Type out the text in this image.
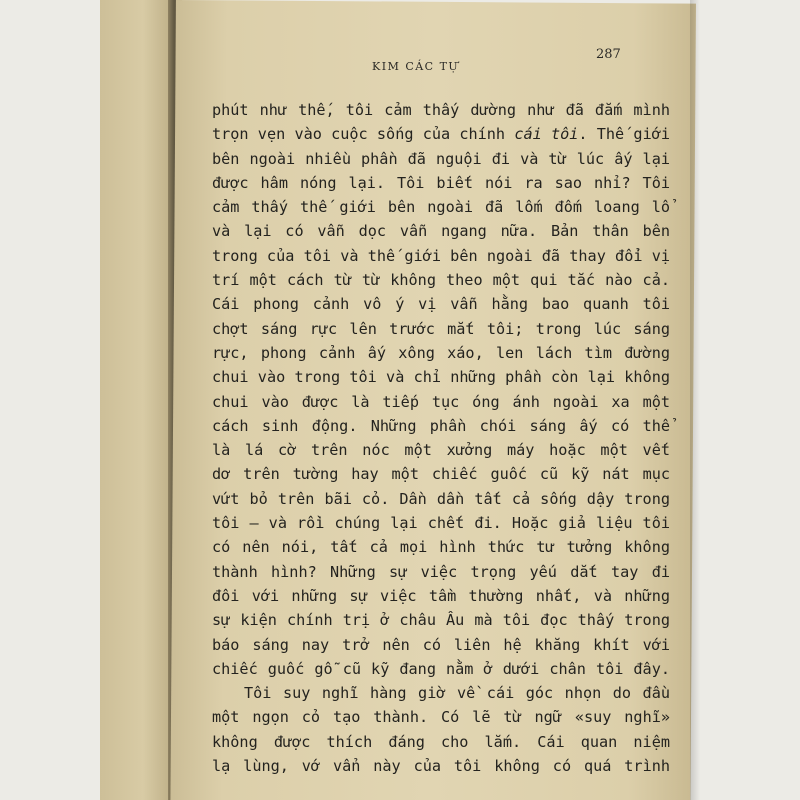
KIM CÁC TỰ
287
phút như thế, tôi cảm thấy dường như đã đắm mình
trọn vẹn vào cuộc sống của chính cái tôi. Thế giới
bên ngoài nhiều phần đã nguội đi và từ lúc ấy lại
được hâm nóng lại. Tôi biết nói ra sao nhỉ? Tôi
cảm thấy thế giới bên ngoài đã lốm đốm loang lổ
và lại có vẫn dọc vẫn ngang nữa. Bản thân bên
trong của tôi và thế giới bên ngoài đã thay đổi vị
trí một cách từ từ không theo một qui tắc nào cả.
Cái phong cảnh vô ý vị vẫn hằng bao quanh tôi
chợt sáng rực lên trước mắt tôi; trong lúc sáng
rực, phong cảnh ấy xông xáo, len lách tìm đường
chui vào trong tôi và chỉ những phần còn lại không
chui vào được là tiếp tục óng ánh ngoài xa một
cách sinh động. Những phần chói sáng ấy có thể
là lá cờ trên nóc một xưởng máy hoặc một vết
dơ trên tường hay một chiếc guốc cũ kỹ nát mục
vứt bỏ trên bãi cỏ. Dần dần tất cả sống dậy trong
tôi — và rồi chúng lại chết đi. Hoặc giả liệu tôi
có nên nói, tất cả mọi hình thức tư tưởng không
thành hình? Những sự việc trọng yếu dắt tay đi
đôi với những sự việc tầm thường nhất, và những
sự kiện chính trị ở châu Âu mà tôi đọc thấy trong
báo sáng nay trở nên có liên hệ khăng khít với
chiếc guốc gỗ cũ kỹ đang nằm ở dưới chân tôi đây.
Tôi suy nghĩ hàng giờ về cái góc nhọn do đầu
một ngọn cỏ tạo thành. Có lẽ từ ngữ «suy nghĩ»
không được thích đáng cho lắm. Cái quan niệm
lạ lùng, vớ vẩn này của tôi không có quá trình
